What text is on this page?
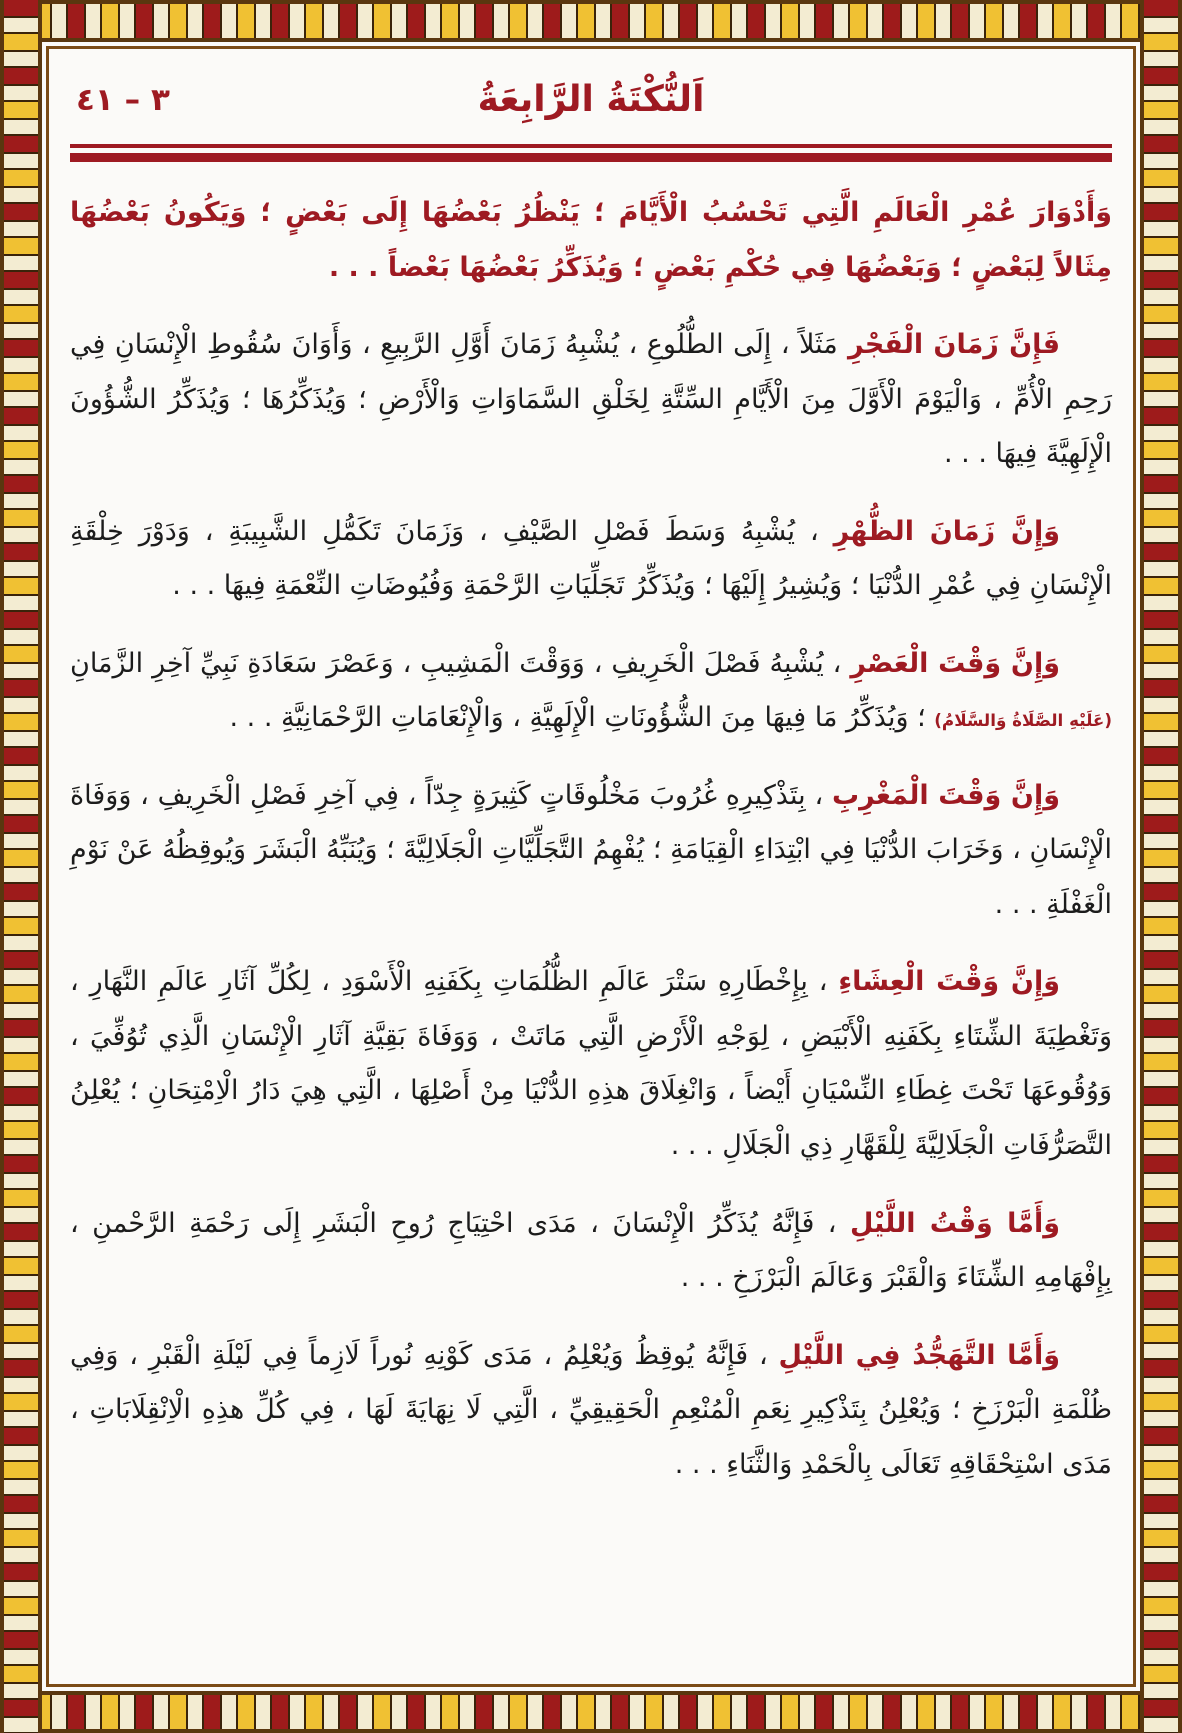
اَلنُّكْتَةُ الرَّابِعَةُ
٣ – ٤١

وَأَدْوَارَ عُمْرِ الْعَالَمِ الَّتِي تَحْسُبُ الْأَيَّامَ ؛ يَنْظُرُ بَعْضُهَا إِلَى بَعْضٍ ؛ وَيَكُونُ بَعْضُهَا مِثَالاً لِبَعْضٍ ؛ وَبَعْضُهَا فِي حُكْمِ بَعْضٍ ؛ وَيُذَكِّرُ بَعْضُهَا بَعْضاً . . .

فَإِنَّ زَمَانَ الْفَجْرِ مَثَلاً ، إِلَى الطُّلُوعِ ، يُشْبِهُ زَمَانَ أَوَّلِ الرَّبِيعِ ، وَأَوَانَ سُقُوطِ الْإِنْسَانِ فِي رَحِمِ الْأُمِّ ، وَالْيَوْمَ الْأَوَّلَ مِنَ الْأَيَّامِ السِّتَّةِ لِخَلْقِ السَّمَاوَاتِ وَالْأَرْضِ ؛ وَيُذَكِّرُهَا ؛ وَيُذَكِّرُ الشُّؤُونَ الْإِلَهِيَّةَ فِيهَا . . .

وَإِنَّ زَمَانَ الظُّهْرِ ، يُشْبِهُ وَسَطَ فَصْلِ الصَّيْفِ ، وَزَمَانَ تَكَمُّلِ الشَّبِيبَةِ ، وَدَوْرَ خِلْقَةِ الْإِنْسَانِ فِي عُمْرِ الدُّنْيَا ؛ وَيُشِيرُ إِلَيْهَا ؛ وَيُذَكِّرُ تَجَلِّيَاتِ الرَّحْمَةِ وَفُيُوضَاتِ النِّعْمَةِ فِيهَا . . .

وَإِنَّ وَقْتَ الْعَصْرِ ، يُشْبِهُ فَصْلَ الْخَرِيفِ ، وَوَقْتَ الْمَشِيبِ ، وَعَصْرَ سَعَادَةِ نَبِيِّ آخِرِ الزَّمَانِ (عَلَيْهِ الصَّلَاةُ وَالسَّلَامُ) ؛ وَيُذَكِّرُ مَا فِيهَا مِنَ الشُّؤُونَاتِ الْإِلَهِيَّةِ ، وَالْإِنْعَامَاتِ الرَّحْمَانِيَّةِ . . .

وَإِنَّ وَقْتَ الْمَغْرِبِ ، بِتَذْكِيرِهِ غُرُوبَ مَخْلُوقَاتٍ كَثِيرَةٍ جِدّاً ، فِي آخِرِ فَصْلِ الْخَرِيفِ ، وَوَفَاةَ الْإِنْسَانِ ، وَخَرَابَ الدُّنْيَا فِي ابْتِدَاءِ الْقِيَامَةِ ؛ يُفْهِمُ التَّجَلِّيَّاتِ الْجَلَالِيَّةَ ؛ وَيُنَبِّهُ الْبَشَرَ وَيُوقِظُهُ عَنْ نَوْمِ الْغَفْلَةِ . . .

وَإِنَّ وَقْتَ الْعِشَاءِ ، بِإِخْطَارِهِ سَتْرَ عَالَمِ الظُّلُمَاتِ بِكَفَنِهِ الْأَسْوَدِ ، لِكُلِّ آثَارِ عَالَمِ النَّهَارِ ، وَتَغْطِيَةَ الشِّتَاءِ بِكَفَنِهِ الْأَبْيَضِ ، لِوَجْهِ الْأَرْضِ الَّتِي مَاتَتْ ، وَوَفَاةَ بَقِيَّةِ آثَارِ الْإِنْسَانِ الَّذِي تُوُفِّيَ ، وَوُقُوعَهَا تَحْتَ غِطَاءِ النِّسْيَانِ أَيْضاً ، وَانْغِلَاقَ هذِهِ الدُّنْيَا مِنْ أَصْلِهَا ، الَّتِي هِيَ دَارُ الْاِمْتِحَانِ ؛ يُعْلِنُ التَّصَرُّفَاتِ الْجَلَالِيَّةَ لِلْقَهَّارِ ذِي الْجَلَالِ . . .

وَأَمَّا وَقْتُ اللَّيْلِ ، فَإِنَّهُ يُذَكِّرُ الْإِنْسَانَ ، مَدَى احْتِيَاجِ رُوحِ الْبَشَرِ إِلَى رَحْمَةِ الرَّحْمنِ ، بِإِفْهَامِهِ الشِّتَاءَ وَالْقَبْرَ وَعَالَمَ الْبَرْزَخِ . . .

وَأَمَّا التَّهَجُّدُ فِي اللَّيْلِ ، فَإِنَّهُ يُوقِظُ وَيُعْلِمُ ، مَدَى كَوْنِهِ نُوراً لَازِماً فِي لَيْلَةِ الْقَبْرِ ، وَفِي ظُلْمَةِ الْبَرْزَخِ ؛ وَيُعْلِنُ بِتَذْكِيرِ نِعَمِ الْمُنْعِمِ الْحَقِيقِيِّ ، الَّتِي لَا نِهَايَةَ لَهَا ، فِي كُلِّ هذِهِ الْاِنْقِلَابَاتِ ، مَدَى اسْتِحْقَاقِهِ تَعَالَى بِالْحَمْدِ وَالثَّنَاءِ . . .
